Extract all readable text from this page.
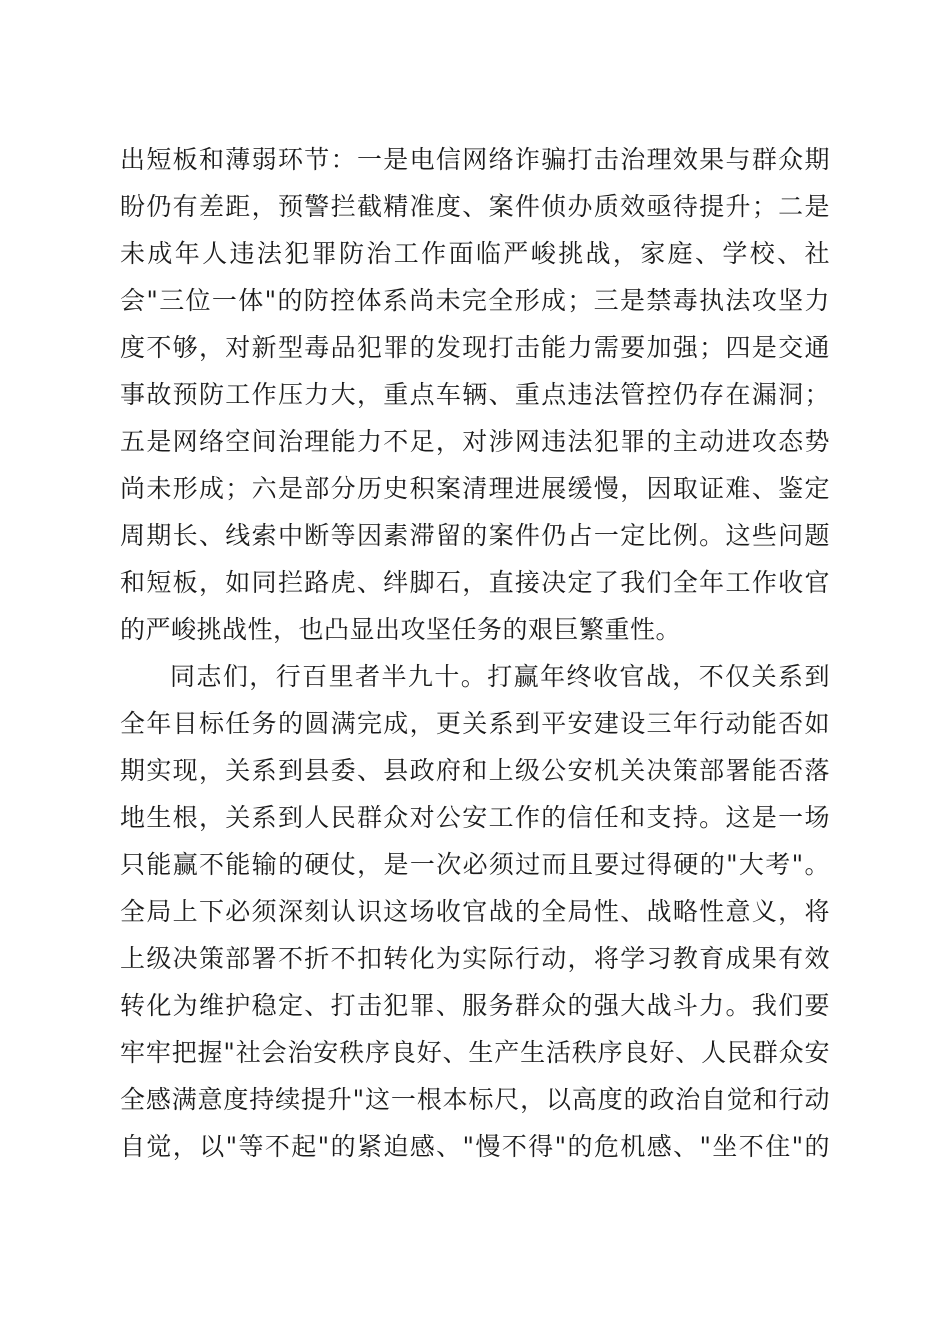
出短板和薄弱环节：一是电信网络诈骗打击治理效果与群众期
盼仍有差距，预警拦截精准度、案件侦办质效亟待提升；二是
未成年人违法犯罪防治工作面临严峻挑战，家庭、学校、社
会"三位一体"的防控体系尚未完全形成；三是禁毒执法攻坚力
度不够，对新型毒品犯罪的发现打击能力需要加强；四是交通
事故预防工作压力大，重点车辆、重点违法管控仍存在漏洞；
五是网络空间治理能力不足，对涉网违法犯罪的主动进攻态势
尚未形成；六是部分历史积案清理进展缓慢，因取证难、鉴定
周期长、线索中断等因素滞留的案件仍占一定比例。这些问题
和短板，如同拦路虎、绊脚石，直接决定了我们全年工作收官
的严峻挑战性，也凸显出攻坚任务的艰巨繁重性。
同志们，行百里者半九十。打赢年终收官战，不仅关系到
全年目标任务的圆满完成，更关系到平安建设三年行动能否如
期实现，关系到县委、县政府和上级公安机关决策部署能否落
地生根，关系到人民群众对公安工作的信任和支持。这是一场
只能赢不能输的硬仗，是一次必须过而且要过得硬的"大考"。
全局上下必须深刻认识这场收官战的全局性、战略性意义，将
上级决策部署不折不扣转化为实际行动，将学习教育成果有效
转化为维护稳定、打击犯罪、服务群众的强大战斗力。我们要
牢牢把握"社会治安秩序良好、生产生活秩序良好、人民群众安
全感满意度持续提升"这一根本标尺，以高度的政治自觉和行动
自觉，以"等不起"的紧迫感、"慢不得"的危机感、"坐不住"的
